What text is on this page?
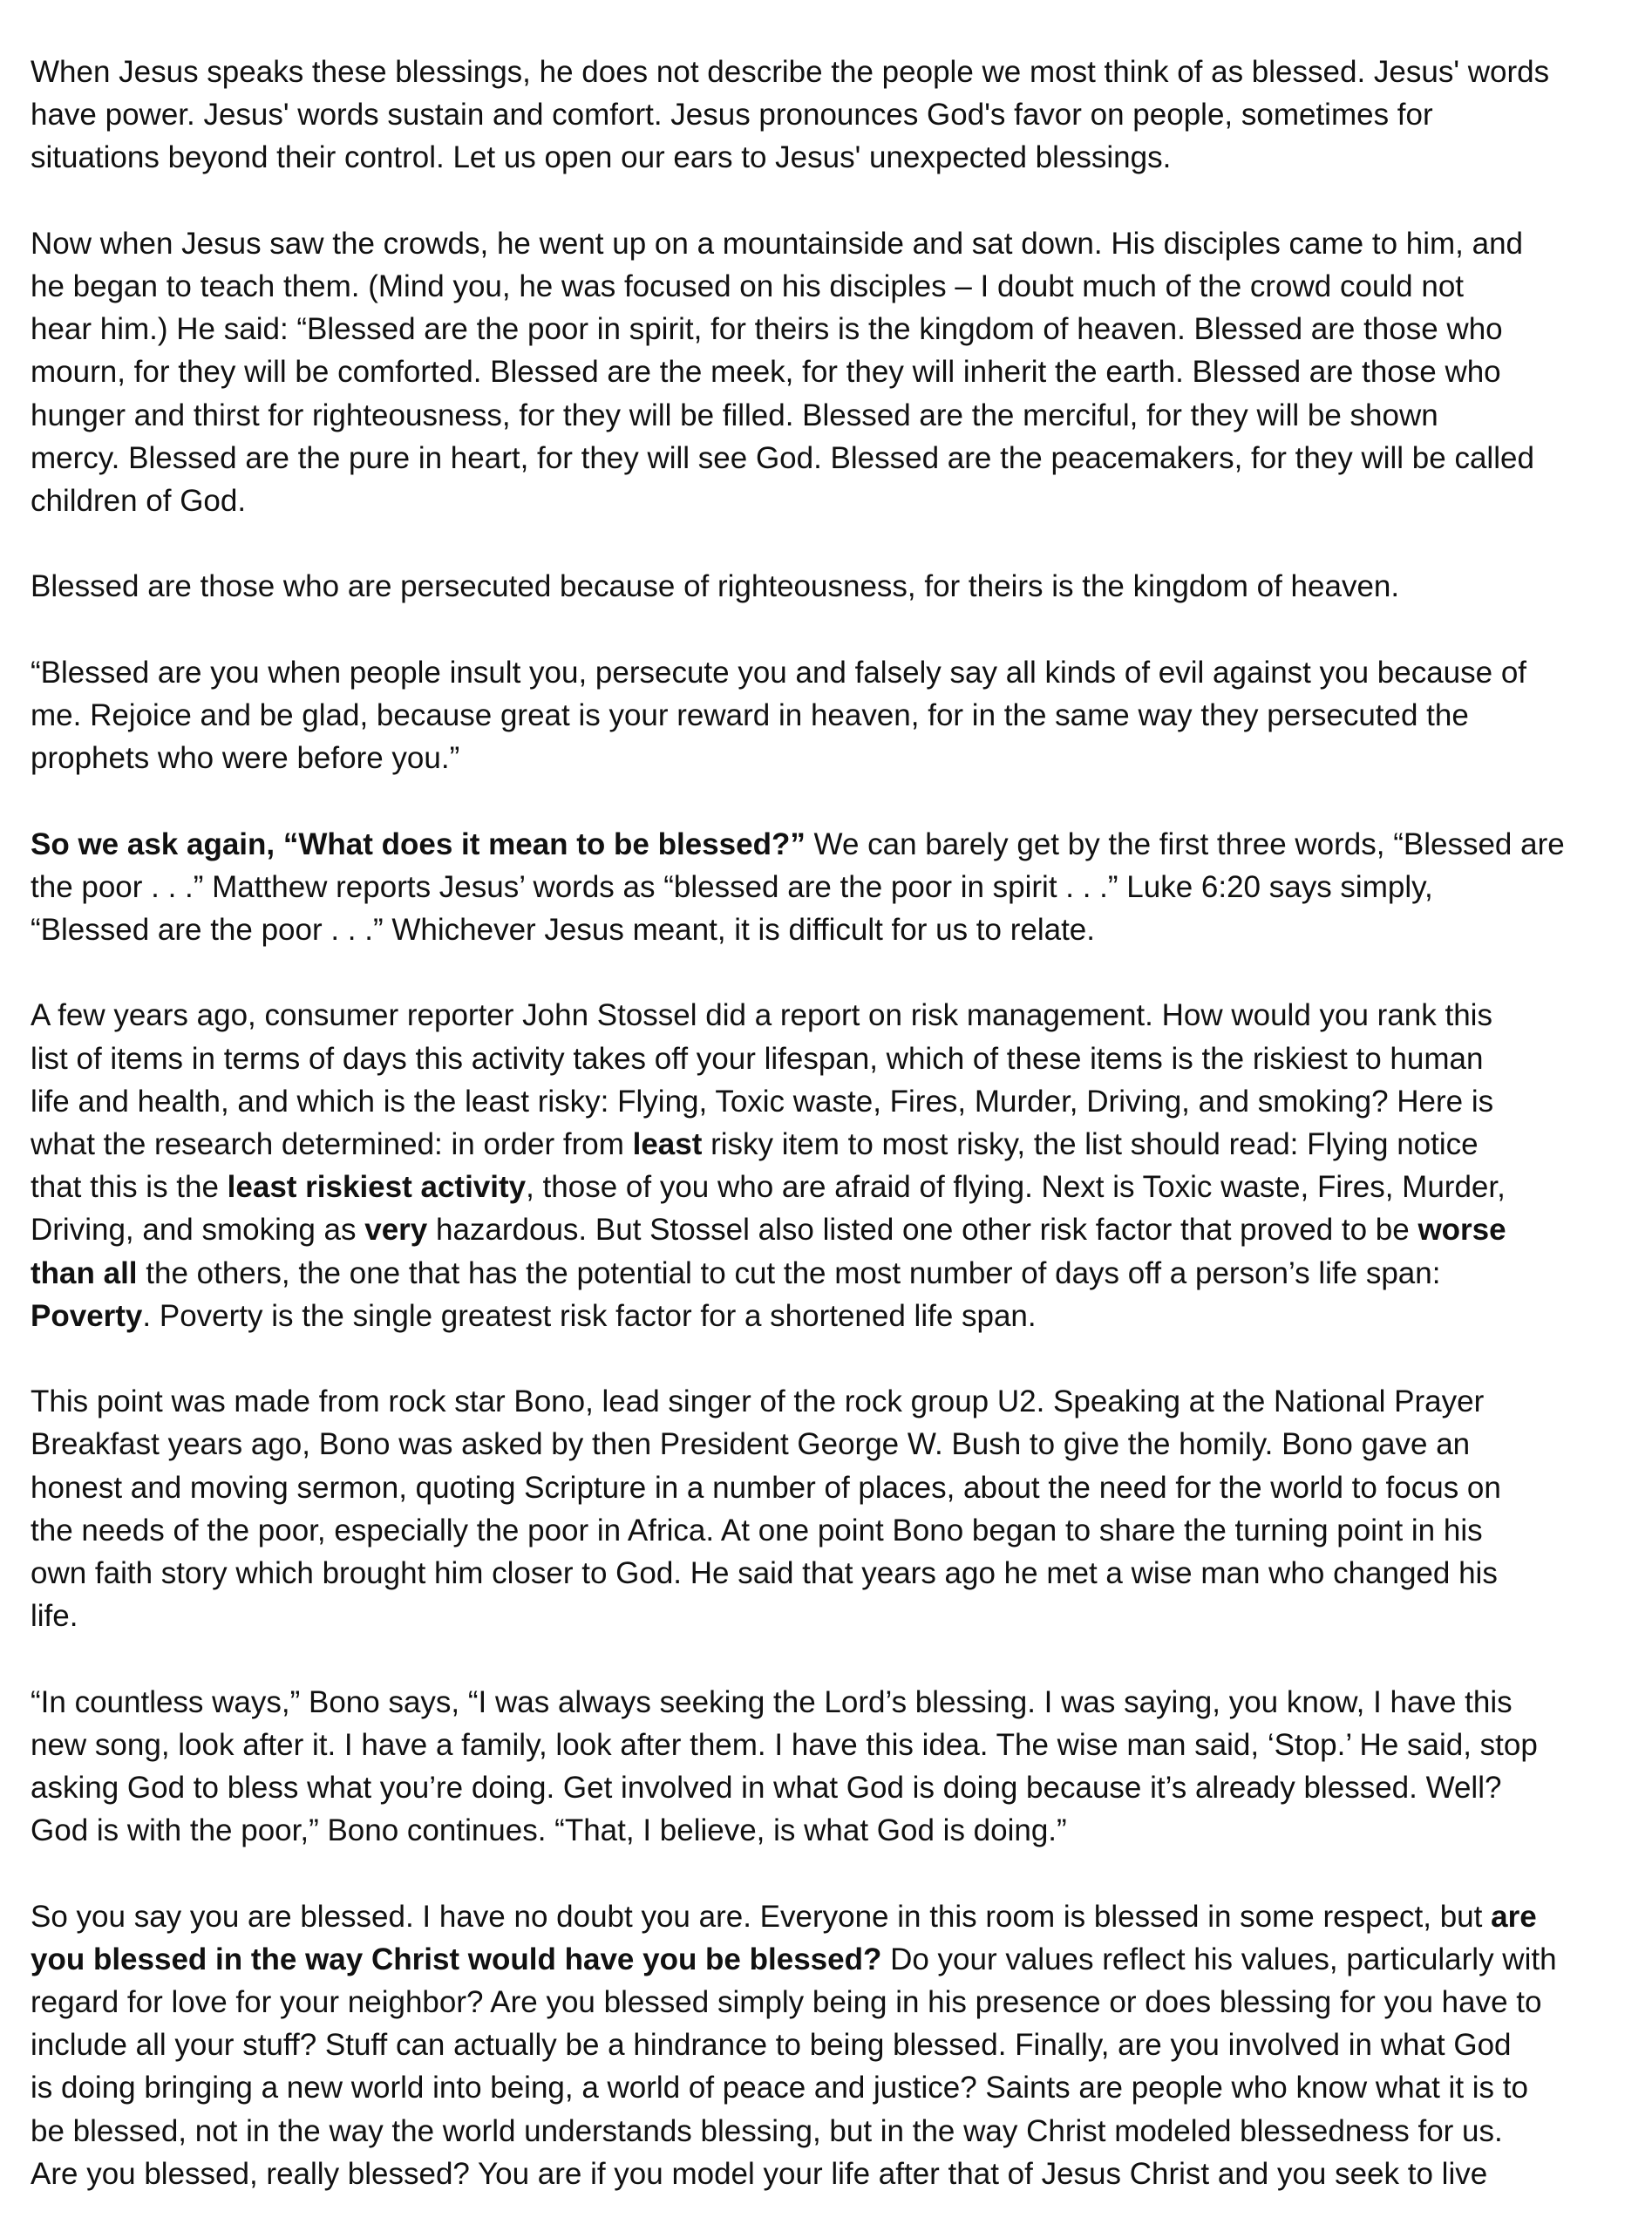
When Jesus speaks these blessings, he does not describe the people we most think of as blessed. Jesus' words
have power. Jesus' words sustain and comfort. Jesus pronounces God's favor on people, sometimes for
situations beyond their control. Let us open our ears to Jesus' unexpected blessings.

Now when Jesus saw the crowds, he went up on a mountainside and sat down. His disciples came to him, and
he began to teach them. (Mind you, he was focused on his disciples – I doubt much of the crowd could not
hear him.) He said: “Blessed are the poor in spirit, for theirs is the kingdom of heaven. Blessed are those who
mourn, for they will be comforted. Blessed are the meek, for they will inherit the earth. Blessed are those who
hunger and thirst for righteousness, for they will be filled. Blessed are the merciful, for they will be shown
mercy. Blessed are the pure in heart, for they will see God. Blessed are the peacemakers, for they will be called
children of God.

Blessed are those who are persecuted because of righteousness, for theirs is the kingdom of heaven.

“Blessed are you when people insult you, persecute you and falsely say all kinds of evil against you because of
me. Rejoice and be glad, because great is your reward in heaven, for in the same way they persecuted the
prophets who were before you.”

So we ask again, “What does it mean to be blessed?” We can barely get by the first three words, “Blessed are
the poor . . .” Matthew reports Jesus’ words as “blessed are the poor in spirit . . .” Luke 6:20 says simply,
“Blessed are the poor . . .” Whichever Jesus meant, it is difficult for us to relate.

A few years ago, consumer reporter John Stossel did a report on risk management. How would you rank this
list of items in terms of days this activity takes off your lifespan, which of these items is the riskiest to human
life and health, and which is the least risky: Flying, Toxic waste, Fires, Murder, Driving, and smoking? Here is
what the research determined: in order from least risky item to most risky, the list should read: Flying notice
that this is the least riskiest activity, those of you who are afraid of flying. Next is Toxic waste, Fires, Murder,
Driving, and smoking as very hazardous. But Stossel also listed one other risk factor that proved to be worse
than all the others, the one that has the potential to cut the most number of days off a person’s life span:
Poverty. Poverty is the single greatest risk factor for a shortened life span.

This point was made from rock star Bono, lead singer of the rock group U2. Speaking at the National Prayer
Breakfast years ago, Bono was asked by then President George W. Bush to give the homily. Bono gave an
honest and moving sermon, quoting Scripture in a number of places, about the need for the world to focus on
the needs of the poor, especially the poor in Africa. At one point Bono began to share the turning point in his
own faith story which brought him closer to God. He said that years ago he met a wise man who changed his
life.

“In countless ways,” Bono says, “I was always seeking the Lord’s blessing. I was saying, you know, I have this
new song, look after it. I have a family, look after them. I have this idea. The wise man said, ‘Stop.’ He said, stop
asking God to bless what you’re doing. Get involved in what God is doing because it’s already blessed. Well?
God is with the poor,” Bono continues. “That, I believe, is what God is doing.”

So you say you are blessed. I have no doubt you are. Everyone in this room is blessed in some respect, but are
you blessed in the way Christ would have you be blessed? Do your values reflect his values, particularly with
regard for love for your neighbor? Are you blessed simply being in his presence or does blessing for you have to
include all your stuff? Stuff can actually be a hindrance to being blessed. Finally, are you involved in what God
is doing bringing a new world into being, a world of peace and justice? Saints are people who know what it is to
be blessed, not in the way the world understands blessing, but in the way Christ modeled blessedness for us.
Are you blessed, really blessed? You are if you model your life after that of Jesus Christ and you seek to live
